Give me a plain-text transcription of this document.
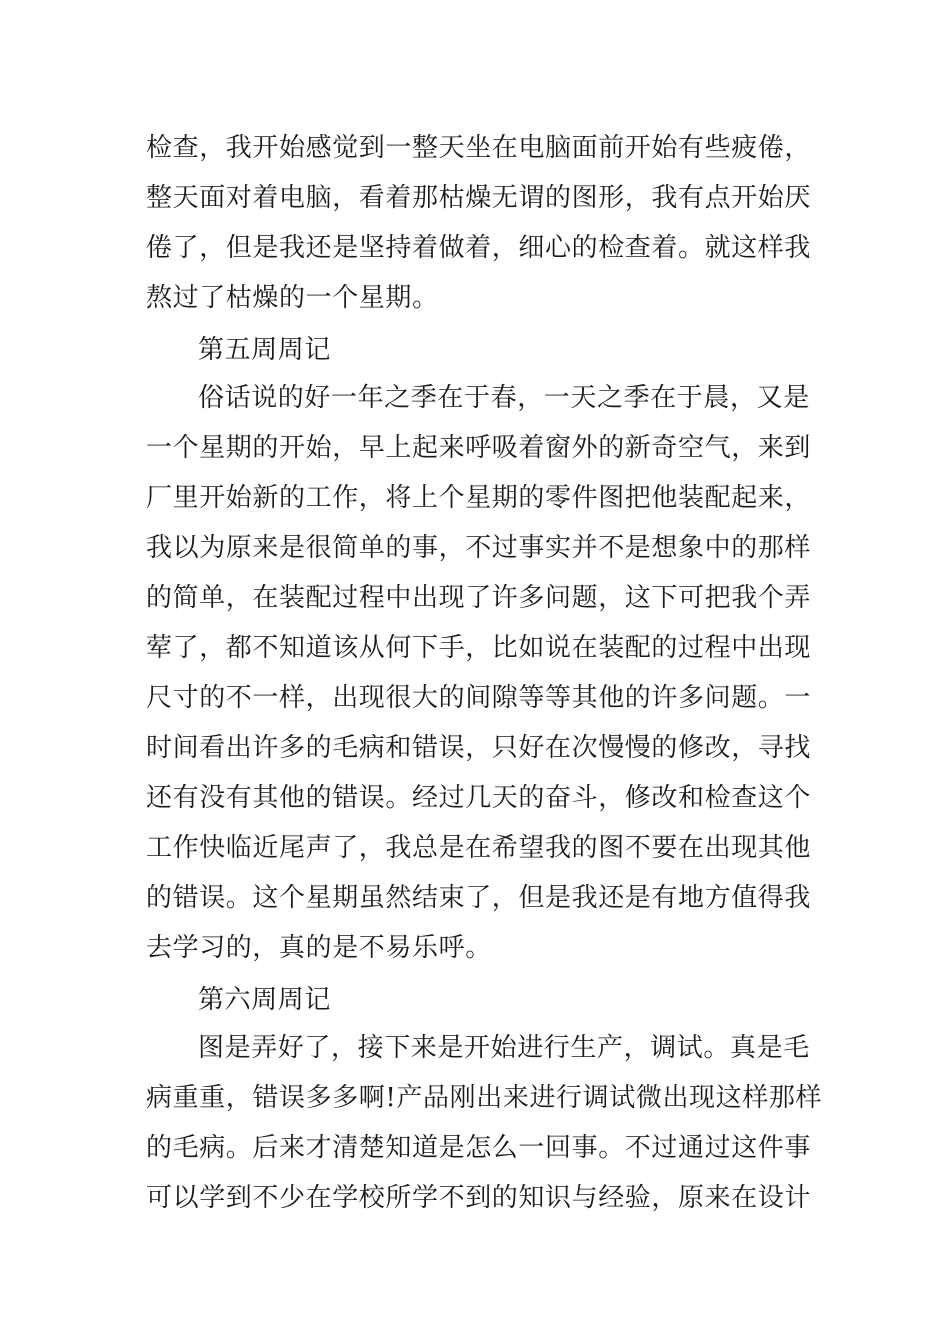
检查，我开始感觉到一整天坐在电脑面前开始有些疲倦，
整天面对着电脑，看着那枯燥无谓的图形，我有点开始厌
倦了，但是我还是坚持着做着，细心的检查着。就这样我
熬过了枯燥的一个星期。
第五周周记
俗话说的好一年之季在于春，一天之季在于晨，又是
一个星期的开始，早上起来呼吸着窗外的新奇空气，来到
厂里开始新的工作，将上个星期的零件图把他装配起来，
我以为原来是很简单的事，不过事实并不是想象中的那样
的简单，在装配过程中出现了许多问题，这下可把我个弄
荤了，都不知道该从何下手，比如说在装配的过程中出现
尺寸的不一样，出现很大的间隙等等其他的许多问题。一
时间看出许多的毛病和错误，只好在次慢慢的修改，寻找
还有没有其他的错误。经过几天的奋斗，修改和检查这个
工作快临近尾声了，我总是在希望我的图不要在出现其他
的错误。这个星期虽然结束了，但是我还是有地方值得我
去学习的，真的是不易乐呼。
第六周周记
图是弄好了，接下来是开始进行生产，调试。真是毛
病重重，错误多多啊!产品刚出来进行调试微出现这样那样
的毛病。后来才清楚知道是怎么一回事。不过通过这件事
可以学到不少在学校所学不到的知识与经验，原来在设计
